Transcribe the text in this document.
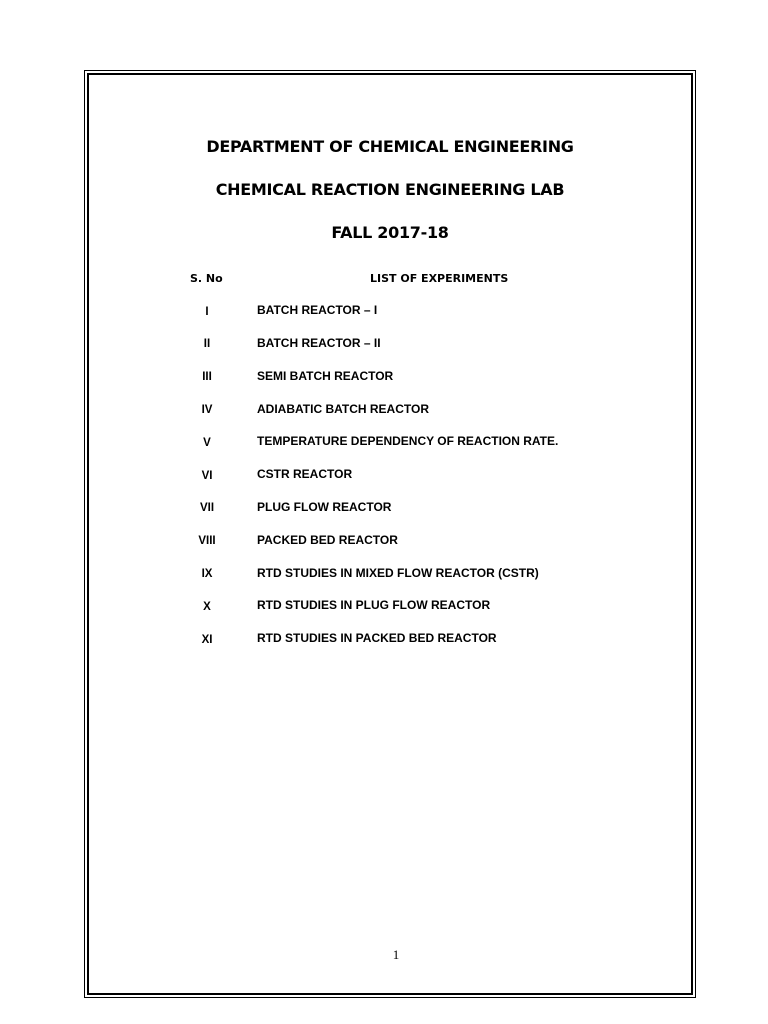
DEPARTMENT OF CHEMICAL ENGINEERING
CHEMICAL REACTION ENGINEERING LAB
FALL 2017-18
S. No	LIST OF EXPERIMENTS
I	BATCH REACTOR – I
II	BATCH REACTOR – II
III	SEMI BATCH REACTOR
IV	ADIABATIC BATCH REACTOR
V	TEMPERATURE DEPENDENCY OF REACTION RATE.
VI	CSTR REACTOR
VII	PLUG FLOW REACTOR
VIII	PACKED BED REACTOR
IX	RTD STUDIES IN MIXED FLOW REACTOR (CSTR)
X	RTD STUDIES IN PLUG FLOW REACTOR
XI	RTD STUDIES IN PACKED BED REACTOR
1
